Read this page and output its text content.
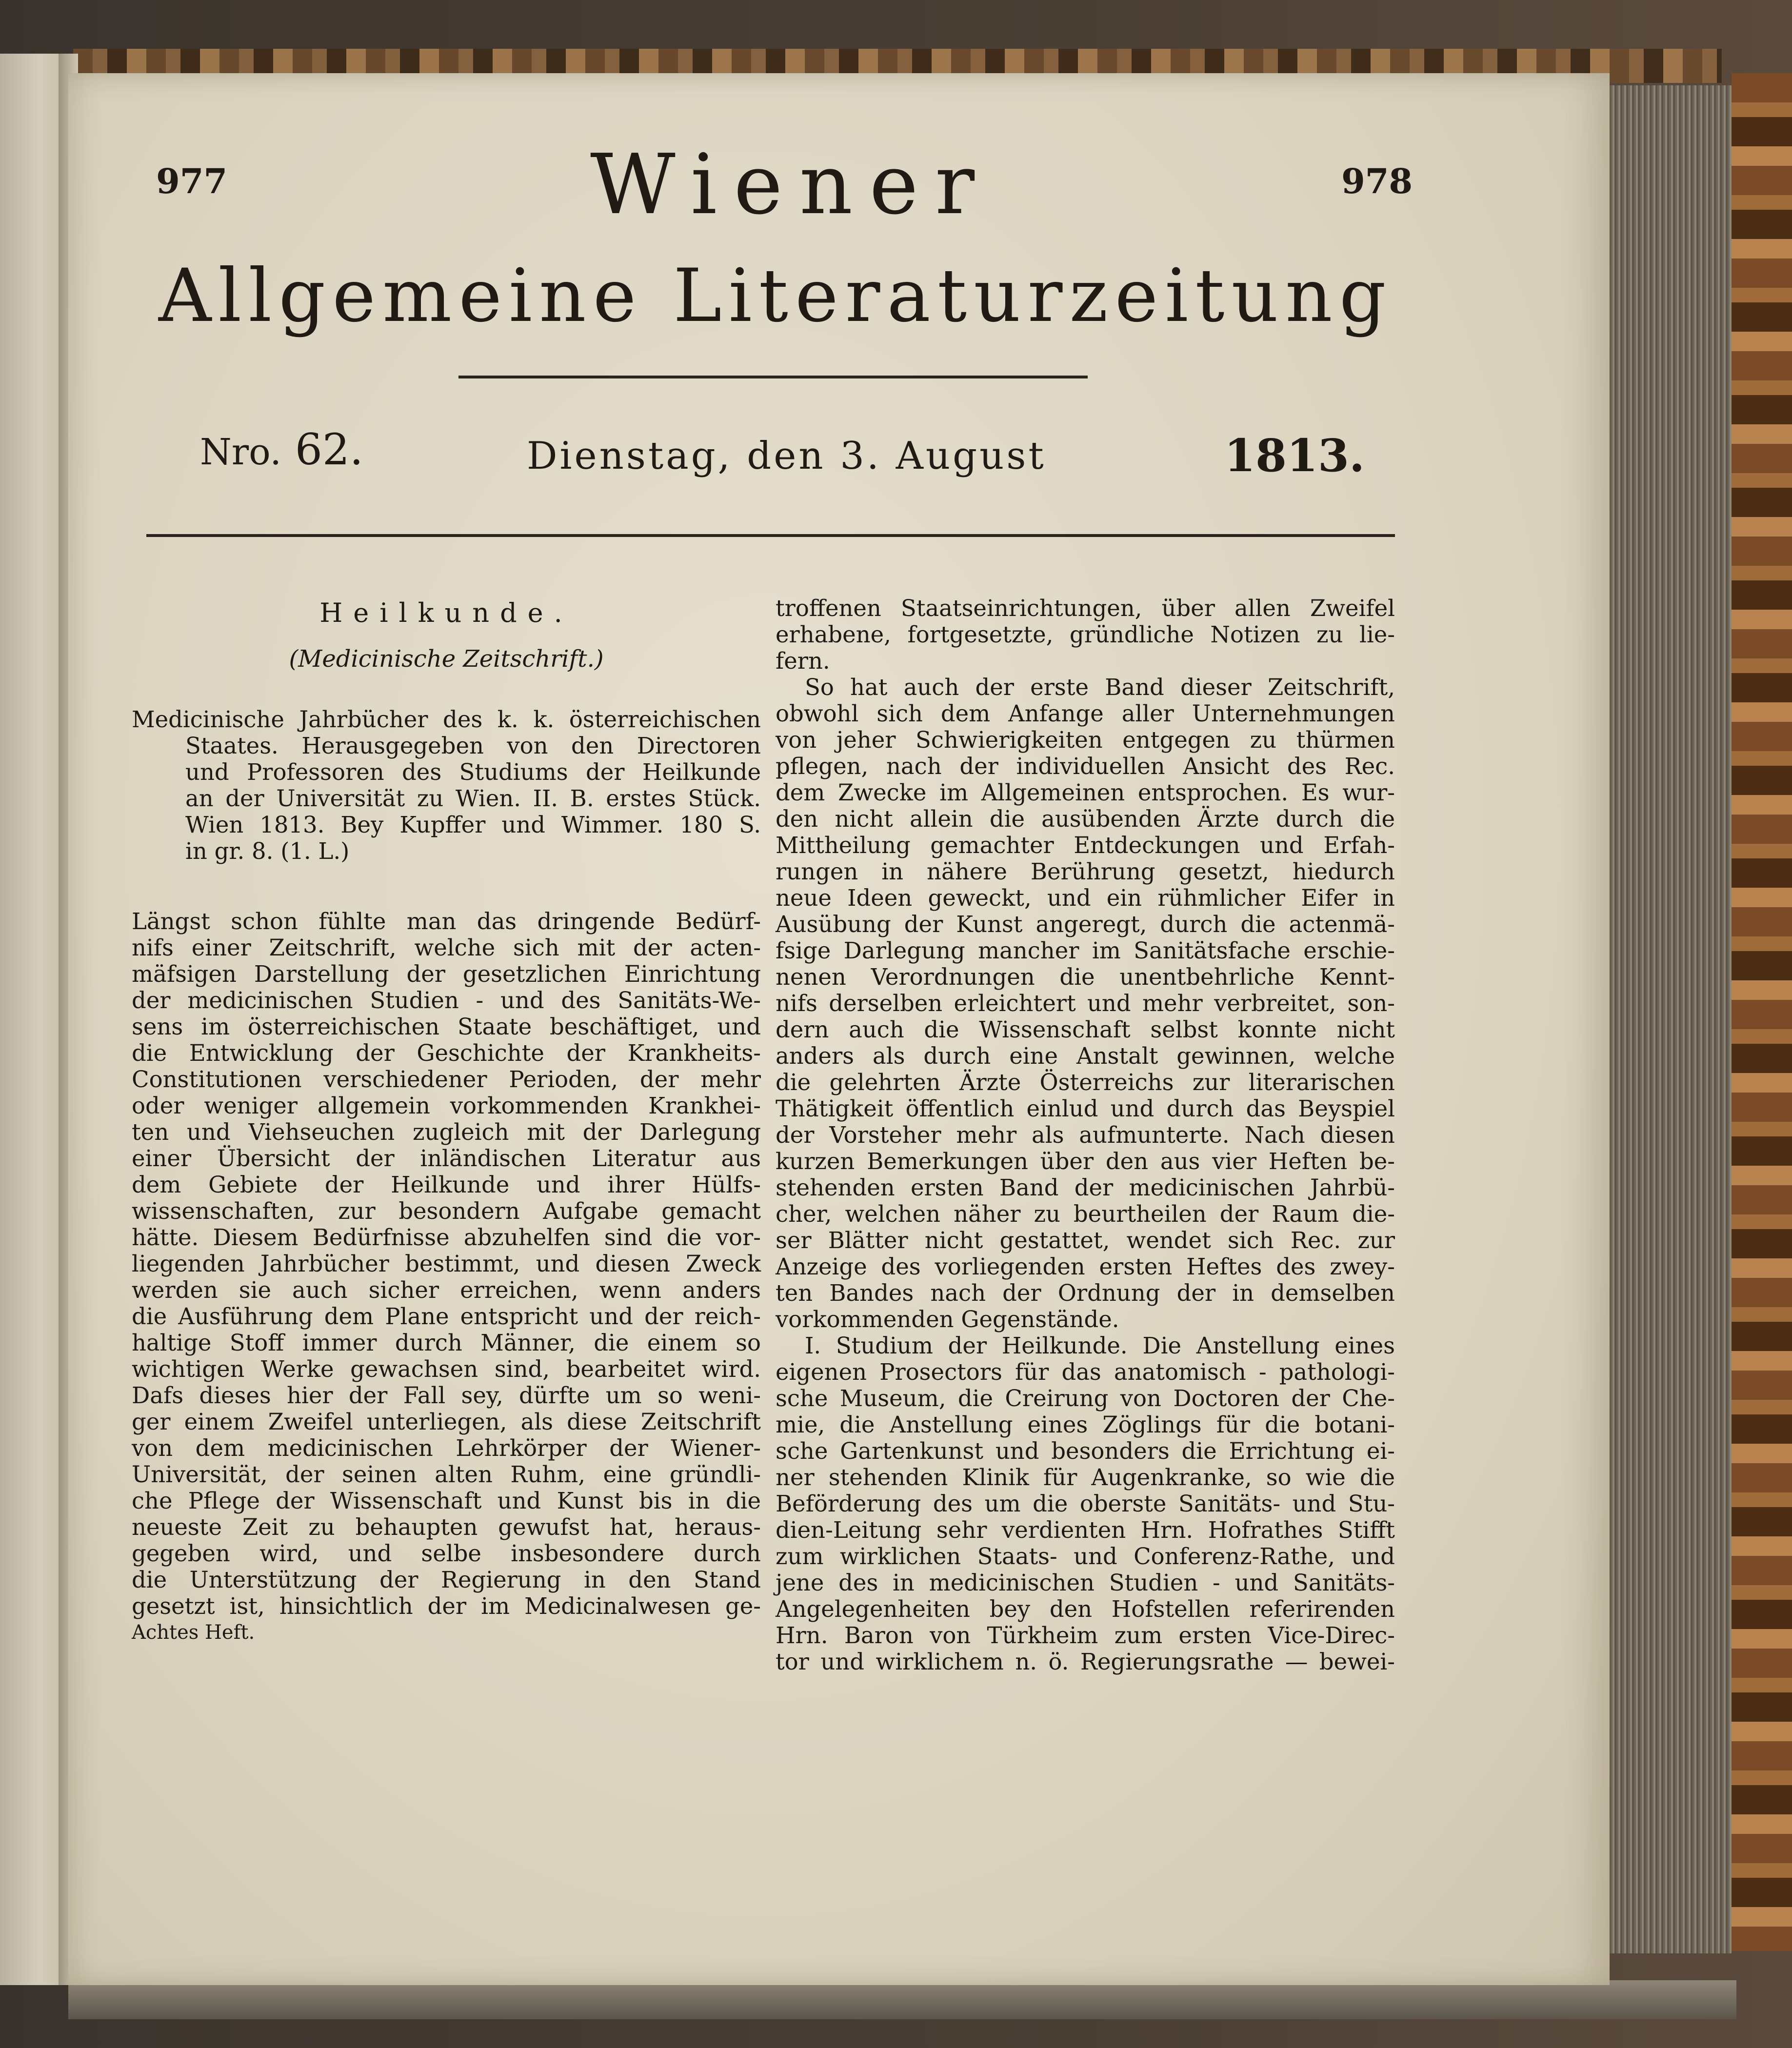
977	978
Wiener
Allgemeine Literaturzeitung
Nro. 62.	Dienstag, den 3. August	1813.
Heilkunde.
(Medicinische Zeitschrift.)
Medicinische Jahrbücher des k. k. österreichischen
Staates. Herausgegeben von den Directoren
und Professoren des Studiums der Heilkunde
an der Universität zu Wien. II. B. erstes Stück.
Wien 1813. Bey Kupffer und Wimmer. 180 S.
in gr. 8. (1. L.)
Längst schon fühlte man das dringende Bedürf-
nifs einer Zeitschrift, welche sich mit der acten-
mäfsigen Darstellung der gesetzlichen Einrichtung
der medicinischen Studien - und des Sanitäts-We-
sens im österreichischen Staate beschäftiget, und
die Entwicklung der Geschichte der Krankheits-
Constitutionen verschiedener Perioden, der mehr
oder weniger allgemein vorkommenden Krankhei-
ten und Viehseuchen zugleich mit der Darlegung
einer Übersicht der inländischen Literatur aus
dem Gebiete der Heilkunde und ihrer Hülfs-
wissenschaften, zur besondern Aufgabe gemacht
hätte. Diesem Bedürfnisse abzuhelfen sind die vor-
liegenden Jahrbücher bestimmt, und diesen Zweck
werden sie auch sicher erreichen, wenn anders
die Ausführung dem Plane entspricht und der reich-
haltige Stoff immer durch Männer, die einem so
wichtigen Werke gewachsen sind, bearbeitet wird.
Dafs dieses hier der Fall sey, dürfte um so weni-
ger einem Zweifel unterliegen, als diese Zeitschrift
von dem medicinischen Lehrkörper der Wiener-
Universität, der seinen alten Ruhm, eine gründli-
che Pflege der Wissenschaft und Kunst bis in die
neueste Zeit zu behaupten gewufst hat, heraus-
gegeben wird, und selbe insbesondere durch
die Unterstützung der Regierung in den Stand
gesetzt ist, hinsichtlich der im Medicinalwesen ge-
Achtes Heft.
troffenen Staatseinrichtungen, über allen Zweifel
erhabene, fortgesetzte, gründliche Notizen zu lie-
fern.
So hat auch der erste Band dieser Zeitschrift,
obwohl sich dem Anfange aller Unternehmungen
von jeher Schwierigkeiten entgegen zu thürmen
pflegen, nach der individuellen Ansicht des Rec.
dem Zwecke im Allgemeinen entsprochen. Es wur-
den nicht allein die ausübenden Ärzte durch die
Mittheilung gemachter Entdeckungen und Erfah-
rungen in nähere Berührung gesetzt, hiedurch
neue Ideen geweckt, und ein rühmlicher Eifer in
Ausübung der Kunst angeregt, durch die actenmä-
fsige Darlegung mancher im Sanitätsfache erschie-
nenen Verordnungen die unentbehrliche Kennt-
nifs derselben erleichtert und mehr verbreitet, son-
dern auch die Wissenschaft selbst konnte nicht
anders als durch eine Anstalt gewinnen, welche
die gelehrten Ärzte Österreichs zur literarischen
Thätigkeit öffentlich einlud und durch das Beyspiel
der Vorsteher mehr als aufmunterte. Nach diesen
kurzen Bemerkungen über den aus vier Heften be-
stehenden ersten Band der medicinischen Jahrbü-
cher, welchen näher zu beurtheilen der Raum die-
ser Blätter nicht gestattet, wendet sich Rec. zur
Anzeige des vorliegenden ersten Heftes des zwey-
ten Bandes nach der Ordnung der in demselben
vorkommenden Gegenstände.
I. Studium der Heilkunde. Die Anstellung eines
eigenen Prosectors für das anatomisch - pathologi-
sche Museum, die Creirung von Doctoren der Che-
mie, die Anstellung eines Zöglings für die botani-
sche Gartenkunst und besonders die Errichtung ei-
ner stehenden Klinik für Augenkranke, so wie die
Beförderung des um die oberste Sanitäts- und Stu-
dien-Leitung sehr verdienten Hrn. Hofrathes Stifft
zum wirklichen Staats- und Conferenz-Rathe, und
jene des in medicinischen Studien - und Sanitäts-
Angelegenheiten bey den Hofstellen referirenden
Hrn. Baron von Türkheim zum ersten Vice-Direc-
tor und wirklichem n. ö. Regierungsrathe — bewei-
